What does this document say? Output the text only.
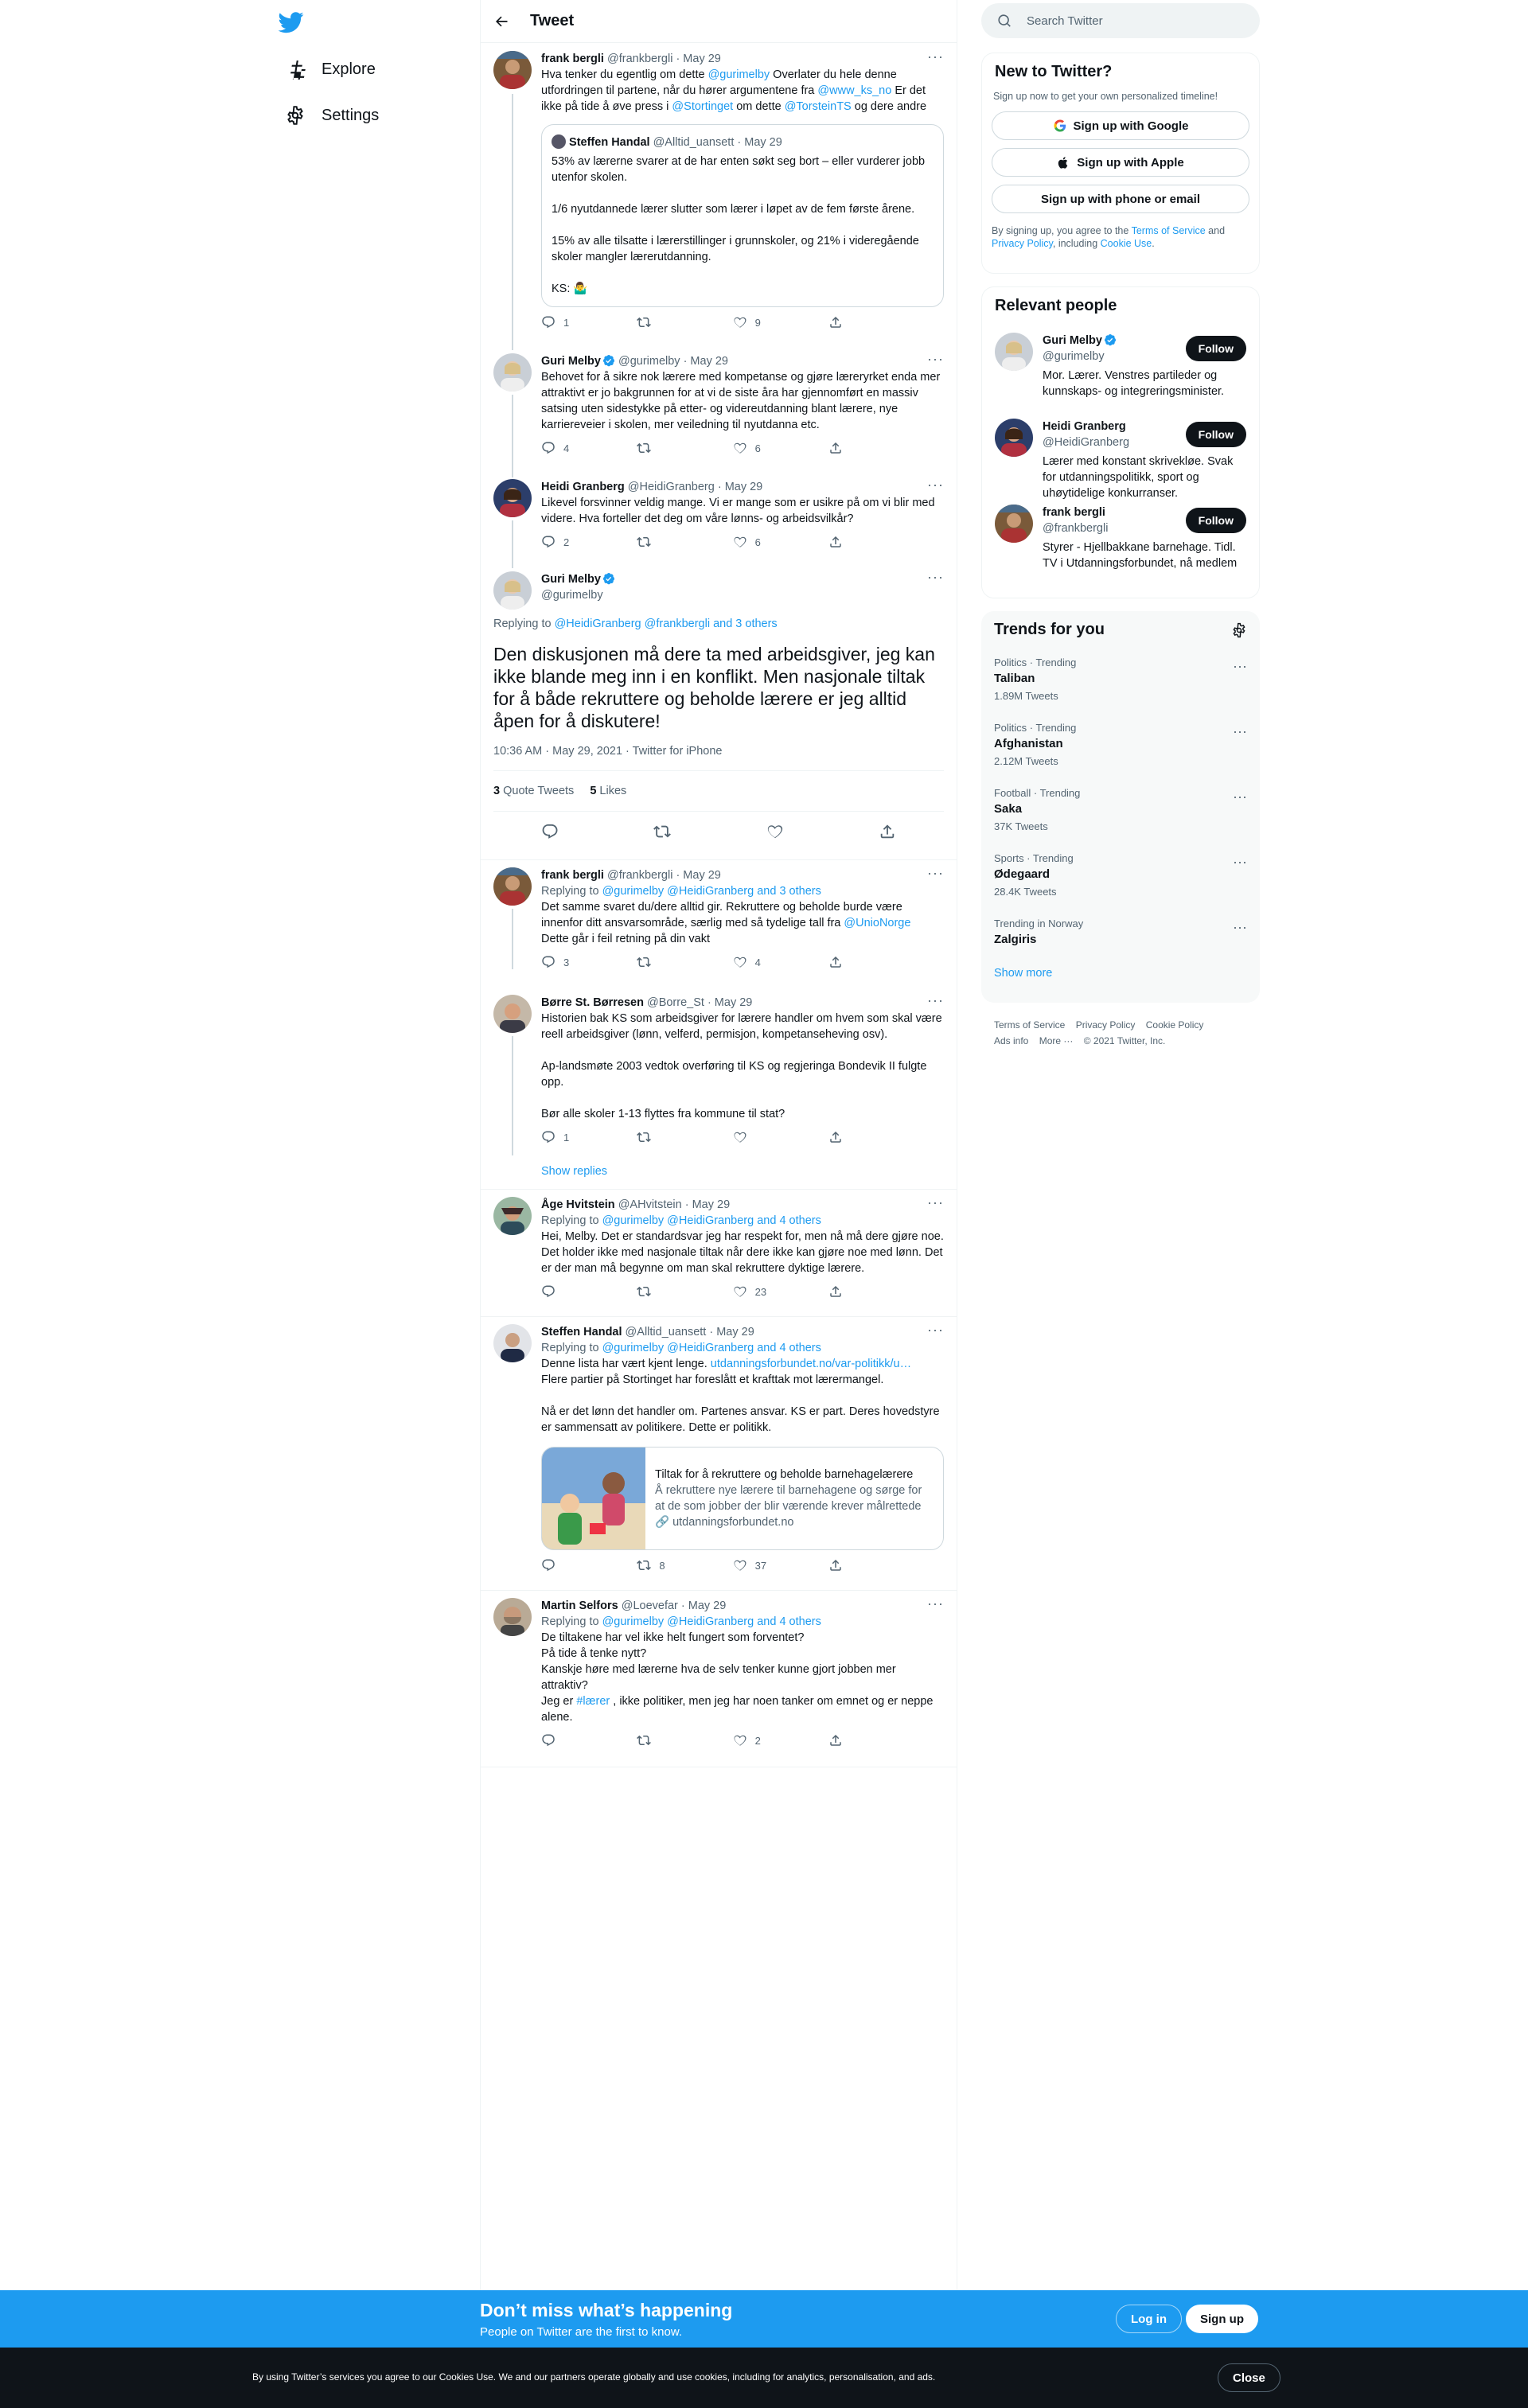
Explore
Settings
Tweet
frank bergli @frankbergli · May 29	···
Hva tenker du egentlig om dette @gurimelby Overlater du hele denne utfordringen til partene, når du hører argumentene fra @www_ks_no Er det ikke på tide å øve press i @Stortinget om dette @TorsteinTS og dere andre
Steffen Handal @Alltid_uansett · May 29
53% av lærerne svarer at de har enten søkt seg bort – eller vurderer jobb utenfor skolen.

1/6 nyutdannede lærer slutter som lærer i løpet av de fem første årene.

15% av alle tilsatte i lærerstillinger i grunnskoler, og 21% i videregående skoler mangler lærerutdanning.

KS: 🤷‍♂️
1	9
Guri Melby @gurimelby · May 29	···
Behovet for å sikre nok lærere med kompetanse og gjøre læreryrket enda mer attraktivt er jo bakgrunnen for at vi de siste åra har gjennomført en massiv satsing uten sidestykke på etter- og videreutdanning blant lærere, nye karriereveier i skolen, mer veiledning til nyutdanna etc.
4	6
Heidi Granberg @HeidiGranberg · May 29	···
Likevel forsvinner veldig mange. Vi er mange som er usikre på om vi blir med videre. Hva forteller det deg om våre lønns- og arbeidsvilkår?
2	6
Guri Melby
@gurimelby
···
Replying to @HeidiGranberg @frankbergli and 3 others
Den diskusjonen må dere ta med arbeidsgiver, jeg kan ikke blande meg inn i en konflikt. Men nasjonale tiltak for å både rekruttere og beholde lærere er jeg alltid åpen for å diskutere!
10:36 AM · May 29, 2021 · Twitter for iPhone
3 Quote Tweets 5 Likes
frank bergli @frankbergli · May 29	···
Replying to @gurimelby @HeidiGranberg and 3 others
Det samme svaret du/dere alltid gir. Rekruttere og beholde burde være innenfor ditt ansvarsområde, særlig med så tydelige tall fra @UnioNorge
Dette går i feil retning på din vakt
3	4
Børre St. Børresen @Borre_St · May 29	···
Historien bak KS som arbeidsgiver for lærere handler om hvem som skal være reell arbeidsgiver (lønn, velferd, permisjon, kompetanseheving osv).

Ap-landsmøte 2003 vedtok overføring til KS og regjeringa Bondevik II fulgte opp.

Bør alle skoler 1-13 flyttes fra kommune til stat?
1
Show replies
Åge Hvitstein @AHvitstein · May 29	···
Replying to @gurimelby @HeidiGranberg and 4 others
Hei, Melby. Det er standardsvar jeg har respekt for, men nå må dere gjøre noe. Det holder ikke med nasjonale tiltak når dere ikke kan gjøre noe med lønn. Det er der man må begynne om man skal rekruttere dyktige lærere.
23
Steffen Handal @Alltid_uansett · May 29	···
Replying to @gurimelby @HeidiGranberg and 4 others
Denne lista har vært kjent lenge. utdanningsforbundet.no/var-politikk/u…
Flere partier på Stortinget har foreslått et krafttak mot lærermangel.

Nå er det lønn det handler om. Partenes ansvar. KS er part. Deres hovedstyre er sammensatt av politikere. Dette er politikk.
Tiltak for å rekruttere og beholde barnehagelærere
Å rekruttere nye lærere til barnehagene og sørge for at de som jobber der blir værende krever målrettede
🔗 utdanningsforbundet.no
8	37
Martin Selfors @Loevefar · May 29	···
Replying to @gurimelby @HeidiGranberg and 4 others
De tiltakene har vel ikke helt fungert som forventet?
På tide å tenke nytt?
Kanskje høre med lærerne hva de selv tenker kunne gjort jobben mer attraktiv?
Jeg er #lærer , ikke politiker, men jeg har noen tanker om emnet og er neppe alene.
2
Search Twitter
New to Twitter?
Sign up now to get your own personalized timeline!
Sign up with Google
Sign up with Apple
Sign up with phone or email
By signing up, you agree to the Terms of Service and Privacy Policy, including Cookie Use.
Relevant people
Guri Melby
@gurimelby
Mor. Lærer. Venstres partileder og kunnskaps- og integreringsminister.
Follow
Heidi Granberg
@HeidiGranberg
Lærer med konstant skrivekløe. Svak for utdanningspolitikk, sport og uhøytidelige konkurranser.
Follow
frank bergli
@frankbergli
Styrer - Hjellbakkane barnehage. Tidl. TV i Utdanningsforbundet, nå medlem
Follow
Trends for you
Politics · Trending
Taliban
1.89M Tweets
···
Politics · Trending
Afghanistan
2.12M Tweets
···
Football · Trending
Saka
37K Tweets
···
Sports · Trending
Ødegaard
28.4K Tweets
···
Trending in Norway
Zalgiris
···
Show more
Terms of Service Privacy Policy Cookie Policy
Ads info More ··· © 2021 Twitter, Inc.
Don’t miss what’s happening
People on Twitter are the first to know.
Log in	Sign up
By using Twitter’s services you agree to our Cookies Use. We and our partners operate globally and use cookies, including for analytics, personalisation, and ads.	Close
